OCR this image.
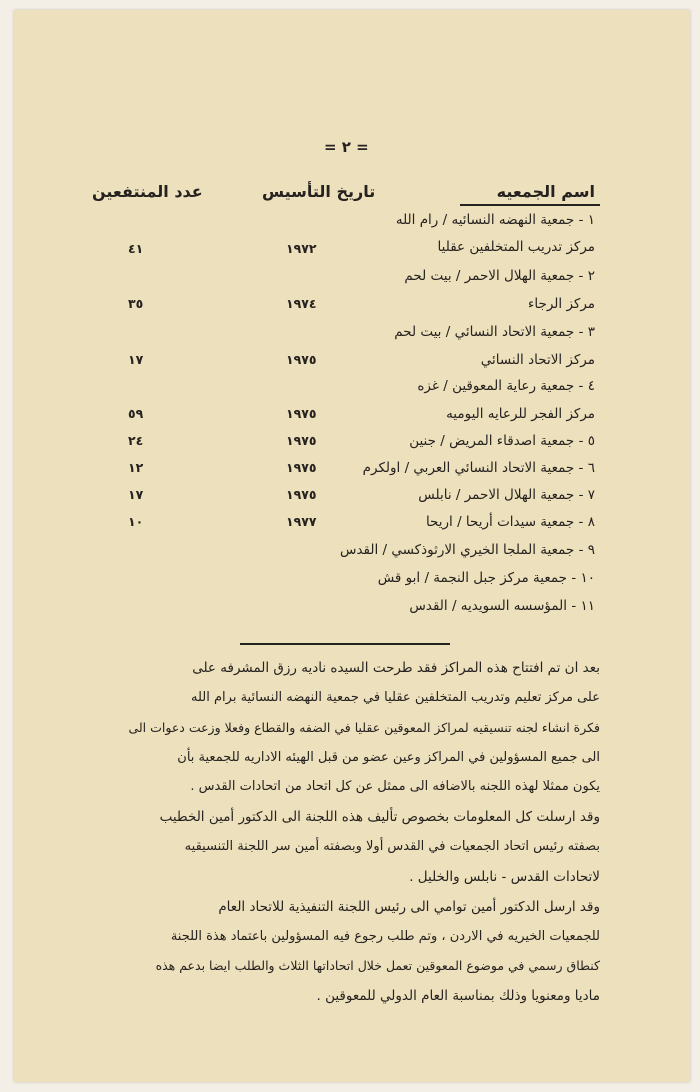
= ٢ =
اسم الجمعيه
تاريخ التأسيس
عدد المنتفعين
١ - جمعية النهضه النسائيه / رام الله
مركز تدريب المتخلفين عقليا
١٩٧٢
٤١
٢ - جمعية الهلال الاحمر / بيت لحم
مركز الرجاء
١٩٧٤
٣٥
٣ - جمعية الاتحاد النسائي / بيت لحم
مركز الاتحاد النسائي
١٩٧٥
١٧
٤ - جمعية رعاية المعوقين / غزه
مركز الفجر للرعايه اليوميه
١٩٧٥
٥٩
٥ - جمعية اصدقاء المريض / جنين
١٩٧٥
٢٤
٦ - جمعية الاتحاد النسائي العربي / اولكرم
١٩٧٥
١٢
٧ - جمعية الهلال الاحمر / نابلس
١٩٧٥
١٧
٨ - جمعية سيدات أريحا / اريحا
١٩٧٧
١٠
٩ - جمعية الملجا الخيري الارثوذكسي / القدس
١٠ - جمعية مركز جبل النجمة / ابو قش
١١ - المؤسسه السويديه / القدس
بعد ان تم افتتاح هذه المراكز فقد طرحت السيده ناديه رزق المشرفه على
على مركز تعليم وتدريب المتخلفين عقليا في جمعية النهضه النسائية برام الله
فكرة انشاء لجنه تنسيقيه لمراكز المعوقين عقليا في الضفه والقطاع وفعلا وزعت دعوات الى
الى جميع المسؤولين في المراكز وعين عضو من قبل الهيئه الاداريه للجمعية بأن
يكون ممثلا لهذه اللجنه بالاضافه الى ممثل عن كل اتحاد من اتحادات القدس .
وقد ارسلت كل المعلومات بخصوص تأليف هذه اللجنة الى الدكتور أمين الخطيب
بصفته رئيس اتحاد الجمعيات في القدس أولا وبصفته أمين سر اللجنة التنسيقيه
لاتحادات القدس - نابلس والخليل .
وقد ارسل الدكتور أمين توامي الى رئيس اللجنة التنفيذية للاتحاد العام
للجمعيات الخيريه في الاردن ، وتم طلب رجوع فيه المسؤولين باعتماد هذة اللجنة
كنطاق رسمي في موضوع المعوقين تعمل خلال اتحاداتها الثلاث والطلب ايضا بدعم هذه
ماديا ومعنويا وذلك بمناسبة العام الدولي للمعوقين .
